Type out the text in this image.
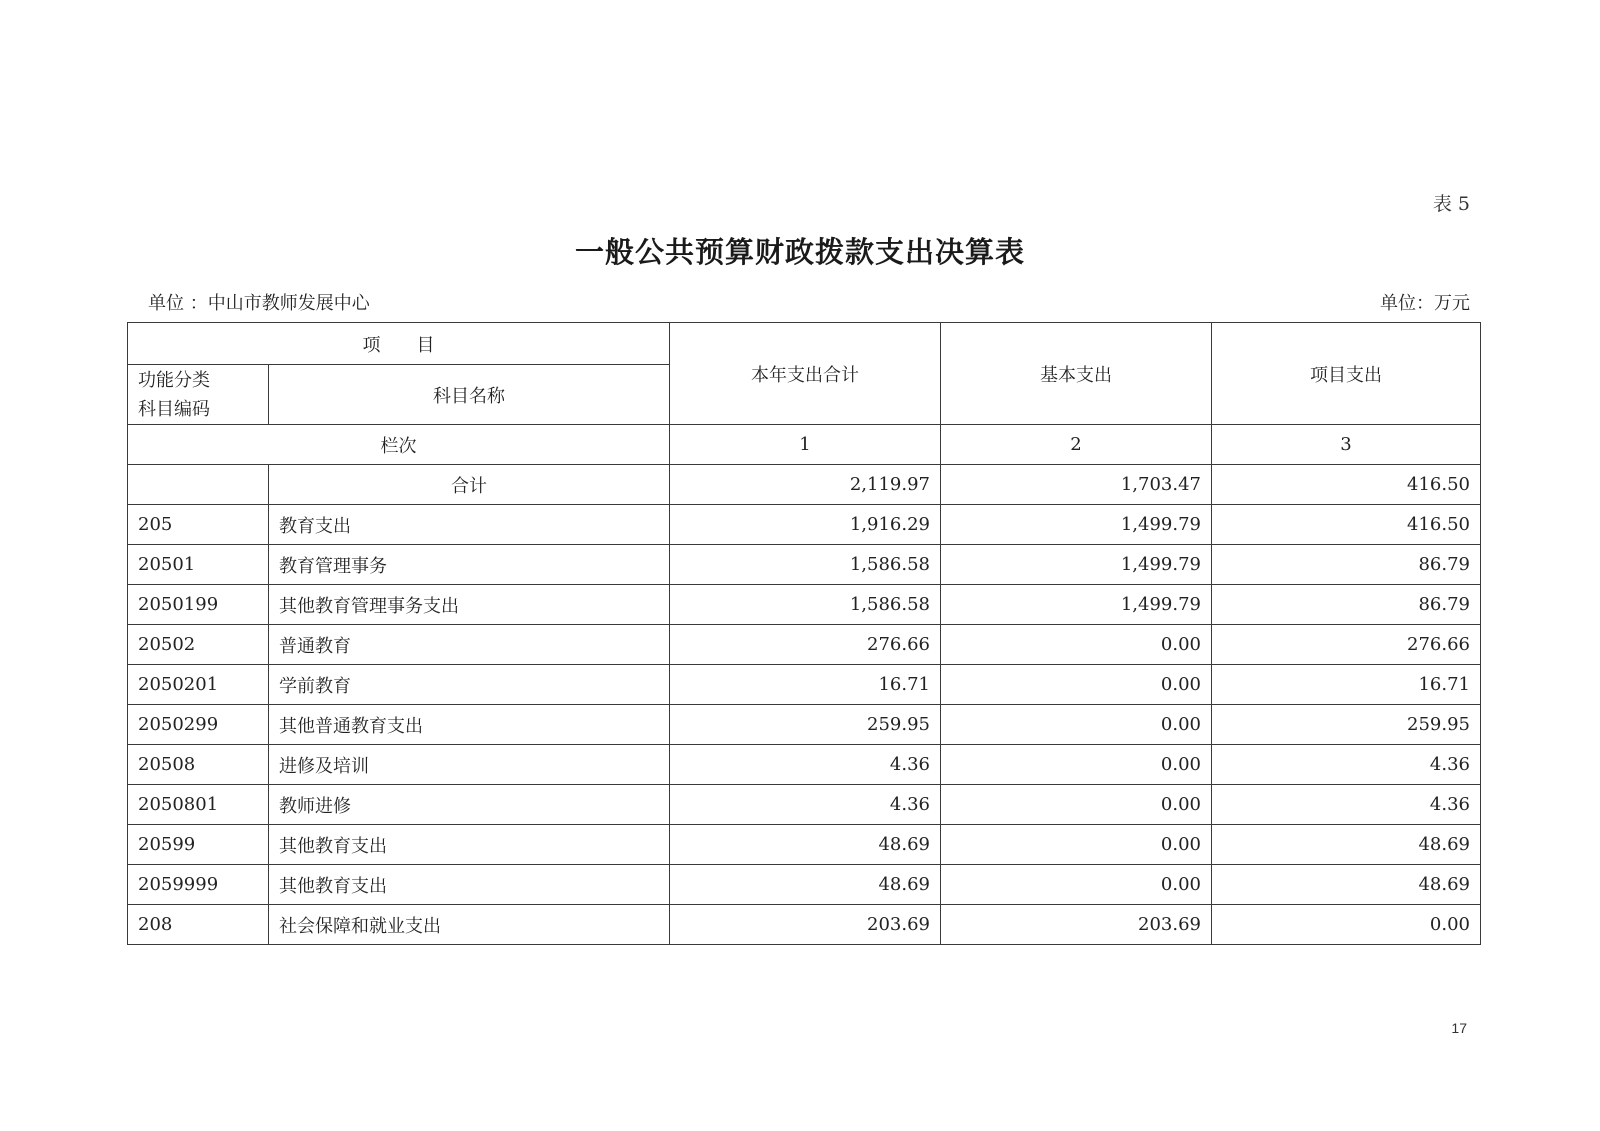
表 5
一般公共预算财政拨款支出决算表
单位 ：中山市教师发展中心	单位：万元
项　　目		本年支出合计	基本支出	项目支出

功能分类
科目编码	科目名称			
栏次		1	2	3
	合计	2,119.97	1,703.47	416.50
205	教育支出	1,916.29	1,499.79	416.50
20501	教育管理事务	1,586.58	1,499.79	86.79
2050199	其他教育管理事务支出	1,586.58	1,499.79	86.79
20502	普通教育	276.66	0.00	276.66
2050201	学前教育	16.71	0.00	16.71
2050299	其他普通教育支出	259.95	0.00	259.95
20508	进修及培训	4.36	0.00	4.36
2050801	教师进修	4.36	0.00	4.36
20599	其他教育支出	48.69	0.00	48.69
2059999	其他教育支出	48.69	0.00	48.69
208	社会保障和就业支出	203.69	203.69	0.00
17
